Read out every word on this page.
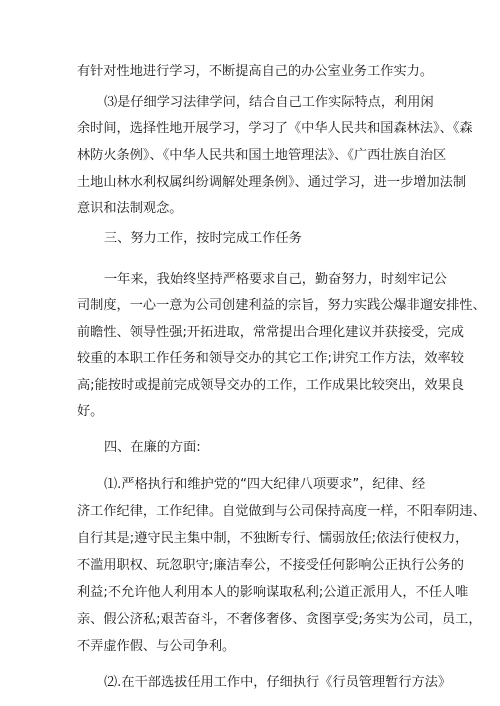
有针对性地进行学习，不断提高自己的办公室业务工作实力。
⑶是仔细学习法律学问，结合自己工作实际特点，利用闲
余时间，选择性地开展学习，学习了《中华人民共和国森林法》、《森
林防火条例》、《中华人民共和国土地管理法》、《广西壮族自治区
土地山林水利权属纠纷调解处理条例》、通过学习，进一步增加法制
意识和法制观念。
三、努力工作，按时完成工作任务
一年来，我始终坚持严格要求自己，勤奋努力，时刻牢记公
司制度，一心一意为公司创建利益的宗旨，努力实践公爆非遛安排性、
前瞻性、领导性强;开拓进取，常常提出合理化建议并获接受，完成
较重的本职工作任务和领导交办的其它工作;讲究工作方法，效率较
高;能按时或提前完成领导交办的工作，工作成果比较突出，效果良
好。
四、在廉的方面:
⑴.严格执行和维护党的“四大纪律八项要求”，纪律、经
济工作纪律，工作纪律。自觉做到与公司保持高度一样，不阳奉阴违、
自行其是;遵守民主集中制，不独断专行、懦弱放任;依法行使权力，
不滥用职权、玩忽职守;廉洁奉公，不接受任何影响公正执行公务的
利益;不允许他人利用本人的影响谋取私利;公道正派用人，不任人唯
亲、假公济私;艰苦奋斗，不奢侈奢侈、贪图享受;务实为公司，员工，
不弄虚作假、与公司争利。
⑵.在干部选拔任用工作中，仔细执行《行员管理暂行方法》
